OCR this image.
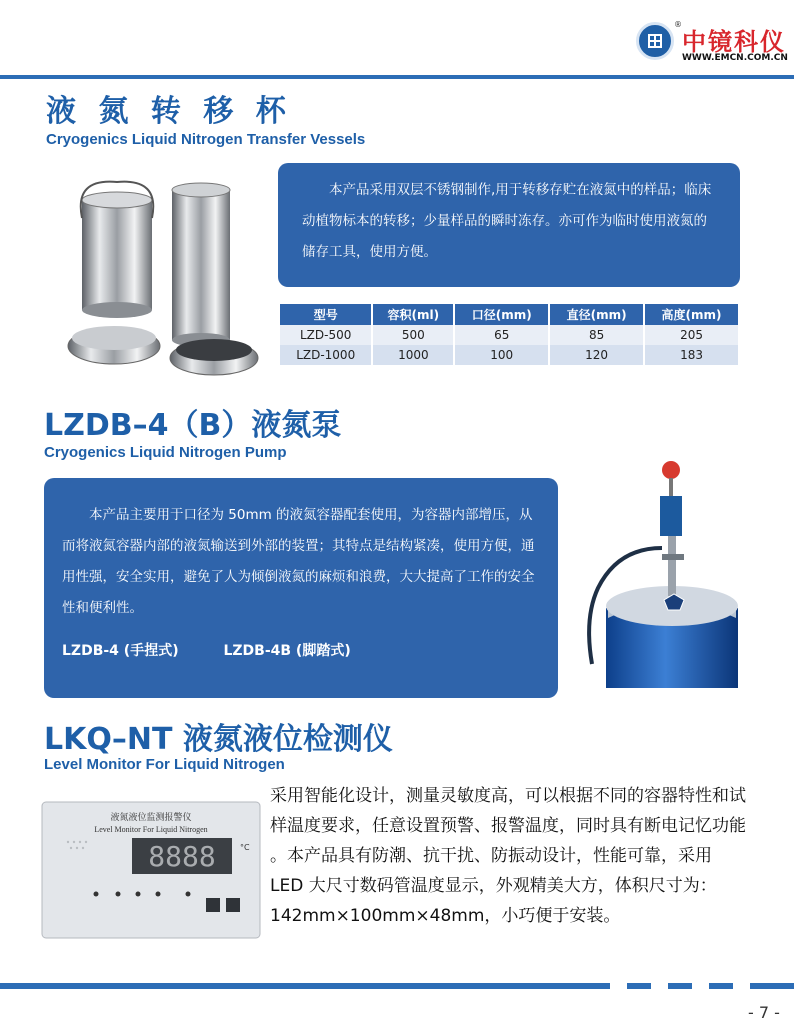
®
中镜科仪
WWW.EMCN.COM.CN
液 氮 转 移 杯
Cryogenics Liquid Nitrogen Transfer Vessels

本产品采用双层不锈钢制作,用于转移存贮在液氮中的样品；临床动植物标本的转移；少量样品的瞬时冻存。亦可作为临时使用液氮的储存工具，使用方便。

型号	容积(ml)	口径(mm)	直径(mm)	高度(mm)
LZD-500	500	65	85	205
LZD-1000	1000	100	120	183
LZDB–4（B）液氮泵
Cryogenics Liquid Nitrogen Pump

本产品主要用于口径为 50mm 的液氮容器配套使用，为容器内部增压，从而将液氮容器内部的液氮输送到外部的装置；其特点是结构紧凑，使用方便，通用性强，安全实用，避免了人为倾倒液氮的麻烦和浪费，大大提高了工作的安全性和便利性。

LZDB-4 (手捏式)	LZDB-4B (脚踏式)

LKQ–NT 液氮液位检测仪
Level Monitor For Liquid Nitrogen
液氮液位监测报警仪
Level Monitor For Liquid Nitrogen
8888	°C
采用智能化设计，测量灵敏度高，可以根据不同的容器特性和试样温度要求，任意设置预警、报警温度，同时具有断电记忆功能 。本产品具有防潮、抗干扰、防振动设计，性能可靠，采用 LED 大尺寸数码管温度显示，外观精美大方，体积尺寸为：142mm×100mm×48mm，小巧便于安装。
- 7 -
